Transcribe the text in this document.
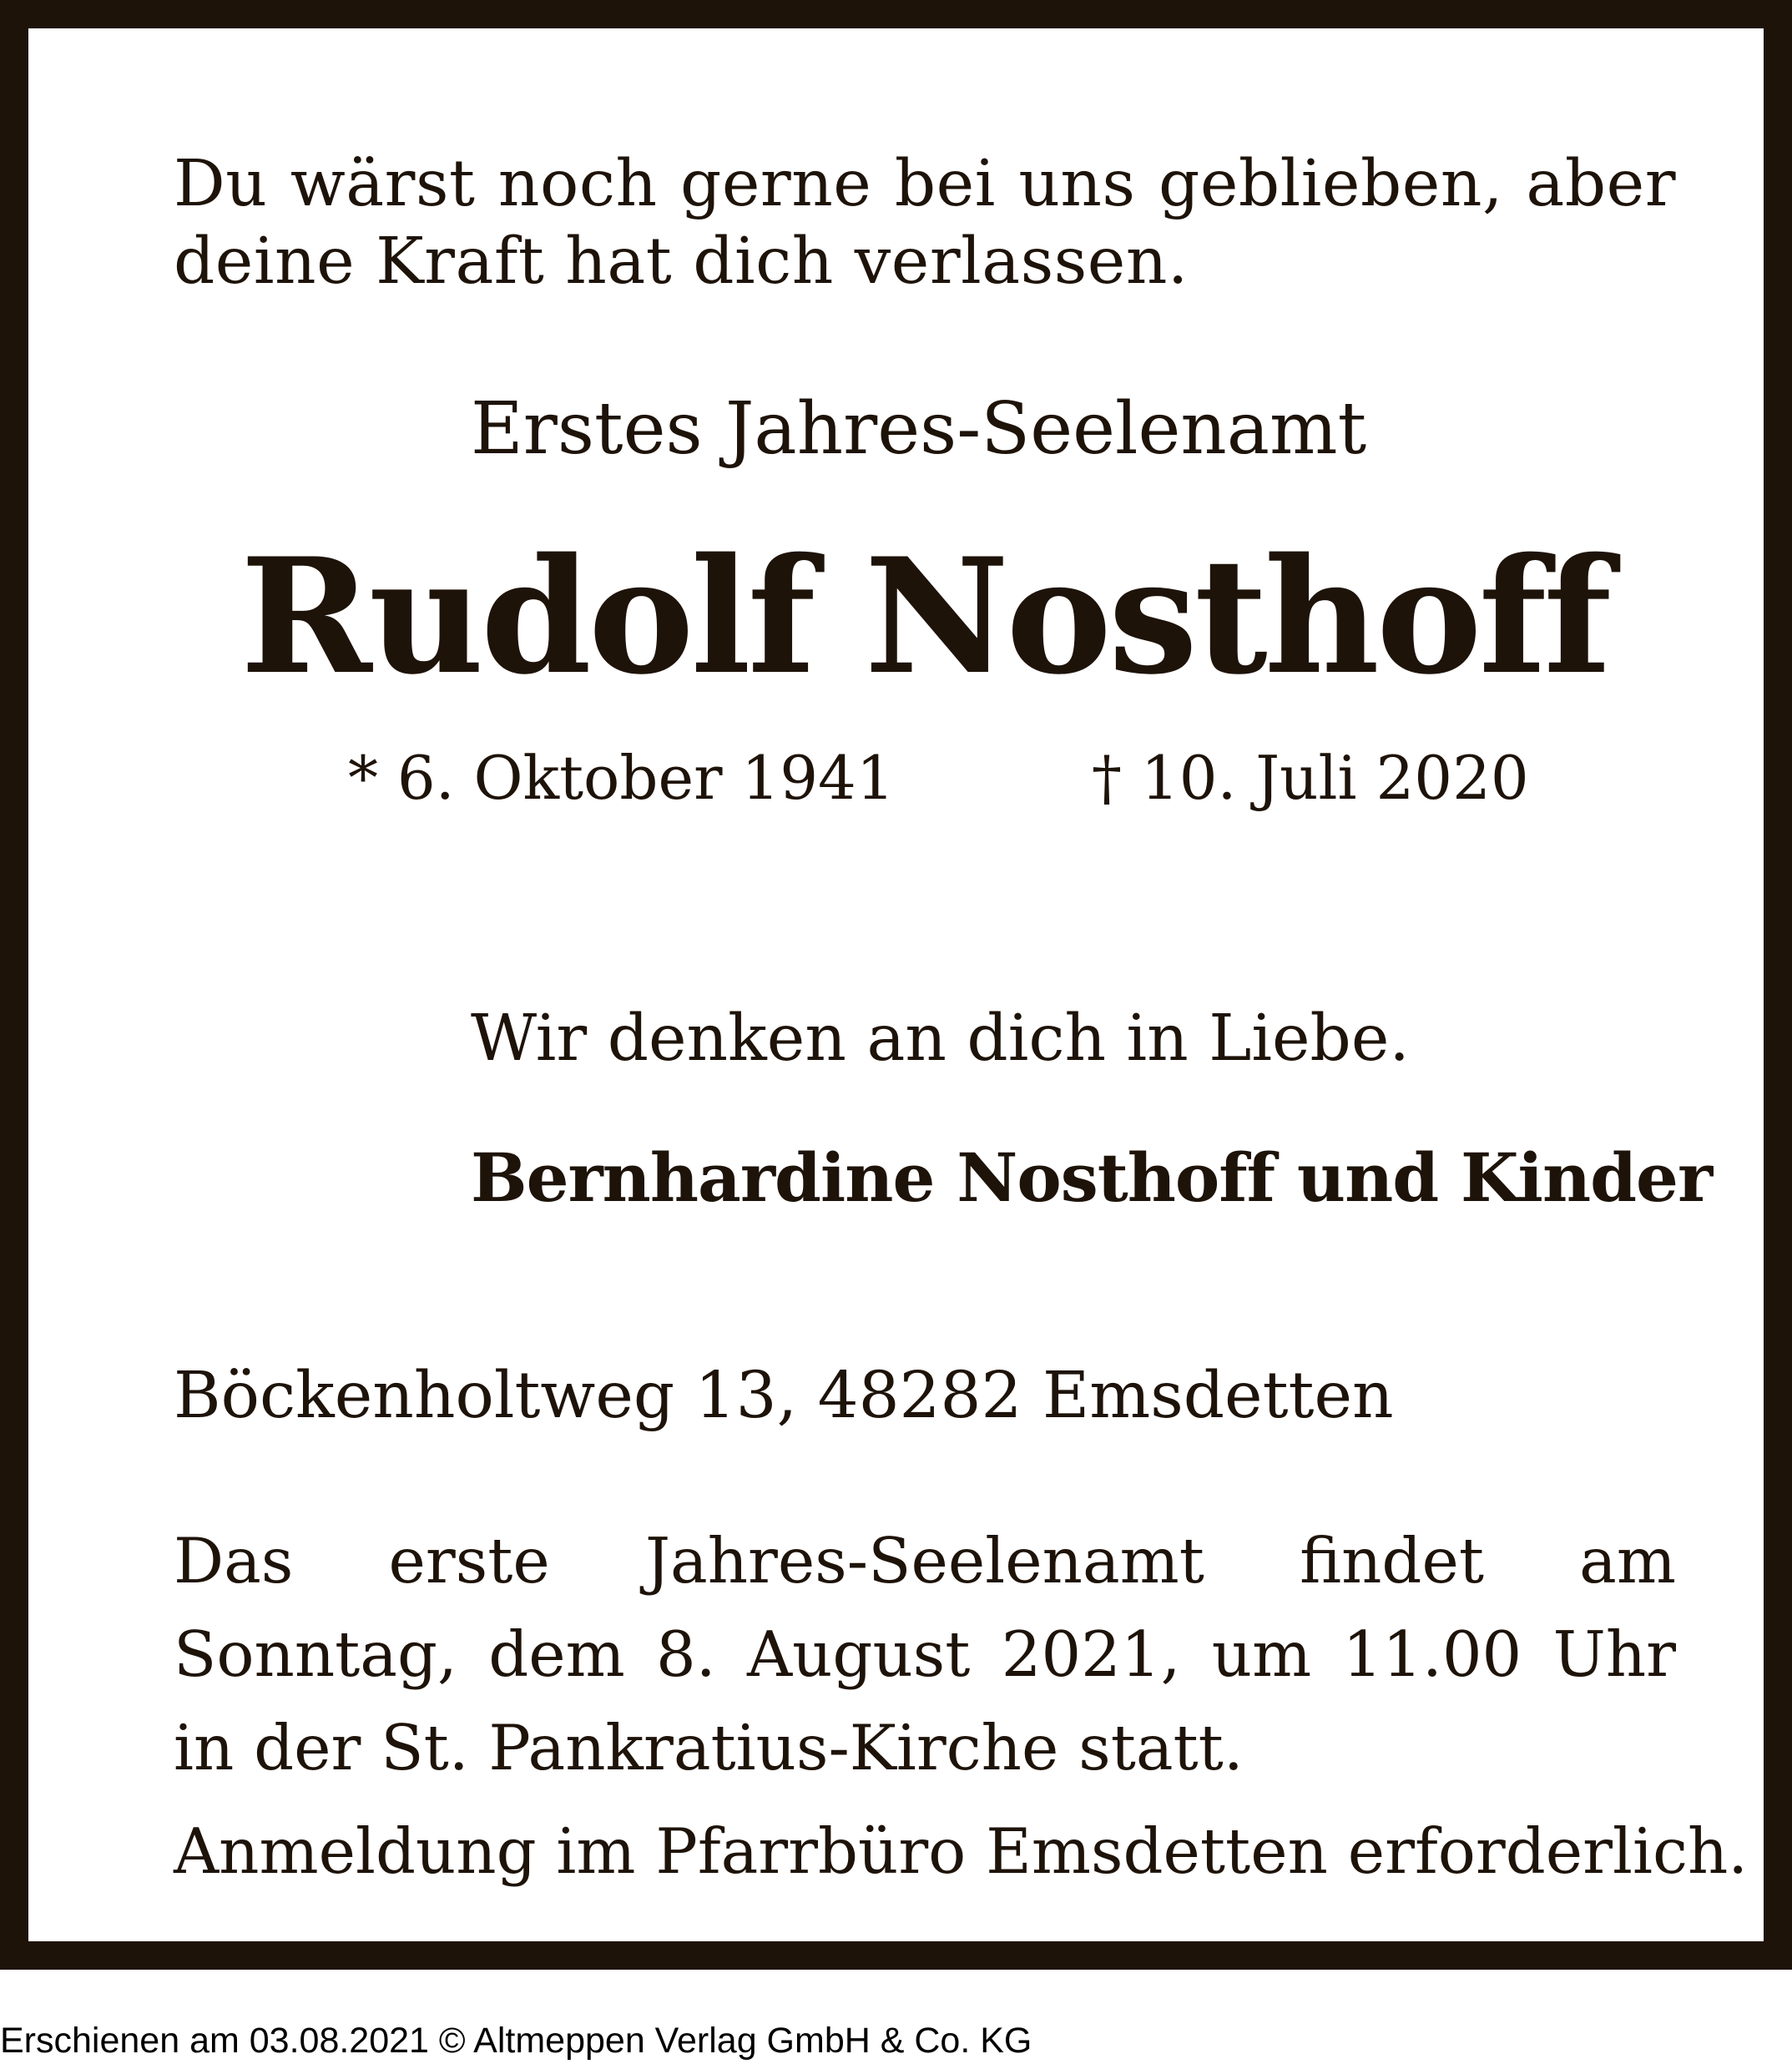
Du wärst noch gerne bei uns geblieben, aber deine Kraft hat dich verlassen.
Erstes Jahres-Seelenamt
Rudolf Nosthoff
* 6. Oktober 1941	† 10. Juli 2020
Wir denken an dich in Liebe.
Bernhardine Nosthoff und Kinder
Böckenholtweg 13, 48282 Emsdetten
Das erste Jahres-Seelenamt findet am Sonntag, dem 8. August 2021, um 11.00 Uhr in der St. Pankratius-Kirche statt.
Anmeldung im Pfarrbüro Emsdetten erforderlich.
Erschienen am 03.08.2021 © Altmeppen Verlag GmbH & Co. KG
